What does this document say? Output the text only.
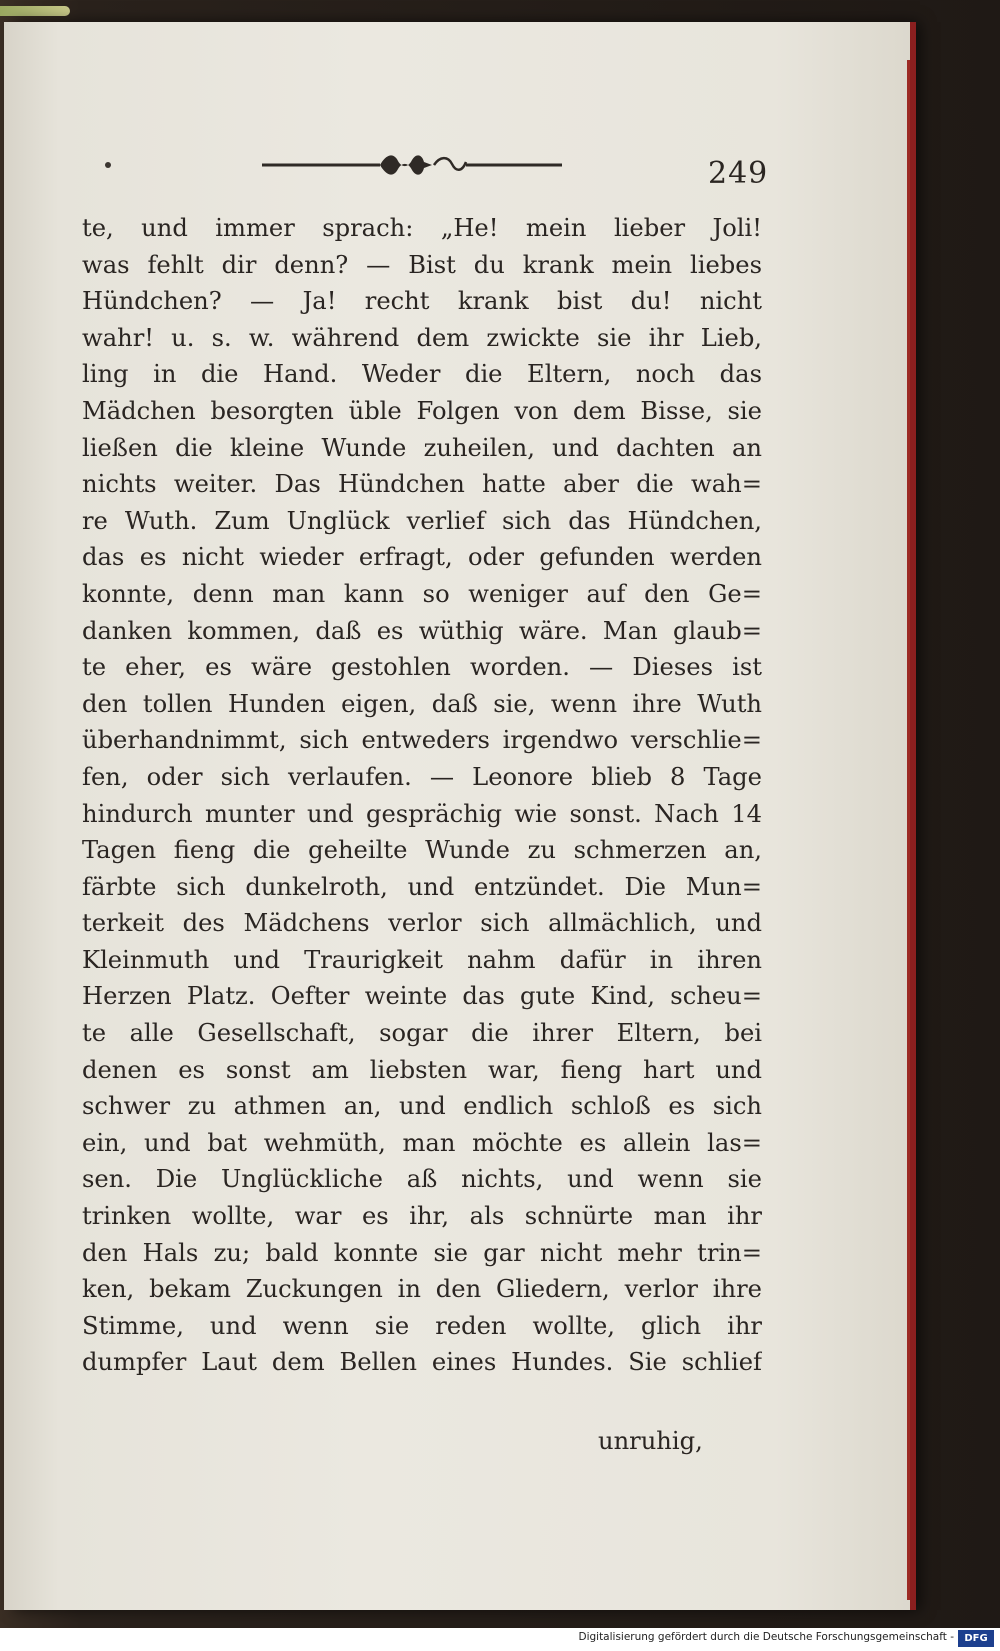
249
te, und immer sprach: „He! mein lieber Joli!
was fehlt dir denn? — Bist du krank mein liebes
Hündchen? — Ja! recht krank bist du! nicht
wahr! u. s. w. während dem zwickte sie ihr Lieb,
ling in die Hand. Weder die Eltern, noch das
Mädchen besorgten üble Folgen von dem Bisse, sie
ließen die kleine Wunde zuheilen, und dachten an
nichts weiter. Das Hündchen hatte aber die wah=
re Wuth. Zum Unglück verlief sich das Hündchen,
das es nicht wieder erfragt, oder gefunden werden
konnte, denn man kann so weniger auf den Ge=
danken kommen, daß es wüthig wäre. Man glaub=
te eher, es wäre gestohlen worden. — Dieses ist
den tollen Hunden eigen, daß sie, wenn ihre Wuth
überhandnimmt, sich entweders irgendwo verschlie=
fen, oder sich verlaufen. — Leonore blieb 8 Tage
hindurch munter und gesprächig wie sonst. Nach 14
Tagen fieng die geheilte Wunde zu schmerzen an,
färbte sich dunkelroth, und entzündet. Die Mun=
terkeit des Mädchens verlor sich allmächlich, und
Kleinmuth und Traurigkeit nahm dafür in ihren
Herzen Platz. Oefter weinte das gute Kind, scheu=
te alle Gesellschaft, sogar die ihrer Eltern, bei
denen es sonst am liebsten war, fieng hart und
schwer zu athmen an, und endlich schloß es sich
ein, und bat wehmüth, man möchte es allein las=
sen. Die Unglückliche aß nichts, und wenn sie
trinken wollte, war es ihr, als schnürte man ihr
den Hals zu; bald konnte sie gar nicht mehr trin=
ken, bekam Zuckungen in den Gliedern, verlor ihre
Stimme, und wenn sie reden wollte, glich ihr
dumpfer Laut dem Bellen eines Hundes. Sie schlief
unruhig,
Digitalisierung gefördert durch die Deutsche Forschungsgemeinschaft -	DFG
